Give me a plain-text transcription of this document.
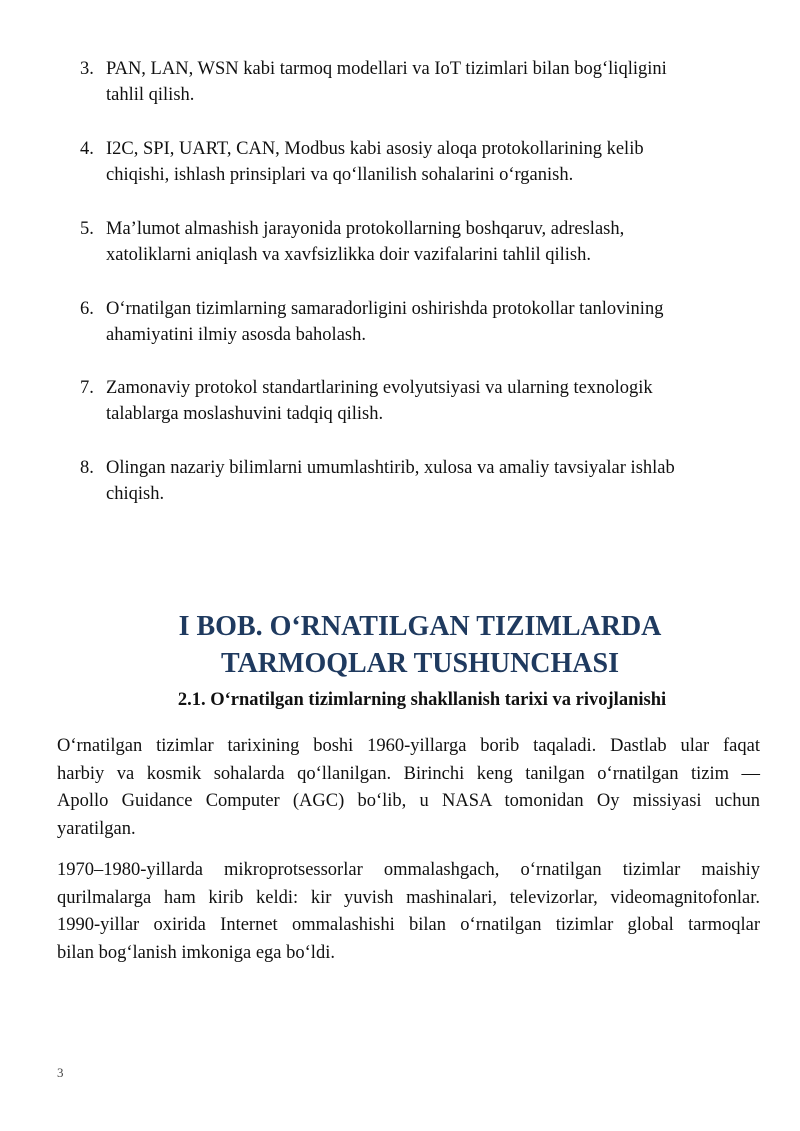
3. PAN, LAN, WSN kabi tarmoq modellari va IoT tizimlari bilan bog‘liqligini
tahlil qilish.
4. I2C, SPI, UART, CAN, Modbus kabi asosiy aloqa protokollarining kelib
chiqishi, ishlash prinsiplari va qo‘llanilish sohalarini o‘rganish.
5. Ma’lumot almashish jarayonida protokollarning boshqaruv, adreslash,
xatoliklarni aniqlash va xavfsizlikka doir vazifalarini tahlil qilish.
6. O‘rnatilgan tizimlarning samaradorligini oshirishda protokollar tanlovining
ahamiyatini ilmiy asosda baholash.
7. Zamonaviy protokol standartlarining evolyutsiyasi va ularning texnologik
talablarga moslashuvini tadqiq qilish.
8. Olingan nazariy bilimlarni umumlashtirib, xulosa va amaliy tavsiyalar ishlab
chiqish.
I BOB. O‘RNATILGAN TIZIMLARDA
TARMOQLAR TUSHUNCHASI
2.1. O‘rnatilgan tizimlarning shakllanish tarixi va rivojlanishi
O‘rnatilgan tizimlar tarixining boshi 1960-yillarga borib taqaladi. Dastlab ular faqat
harbiy va kosmik sohalarda qo‘llanilgan. Birinchi keng tanilgan o‘rnatilgan tizim —
Apollo Guidance Computer (AGC) bo‘lib, u NASA tomonidan Oy missiyasi uchun
yaratilgan.
1970–1980-yillarda mikroprotsessorlar ommalashgach, o‘rnatilgan tizimlar maishiy
qurilmalarga ham kirib keldi: kir yuvish mashinalari, televizorlar, videomagnitofonlar.
1990-yillar oxirida Internet ommalashishi bilan o‘rnatilgan tizimlar global tarmoqlar
bilan bog‘lanish imkoniga ega bo‘ldi.
3
